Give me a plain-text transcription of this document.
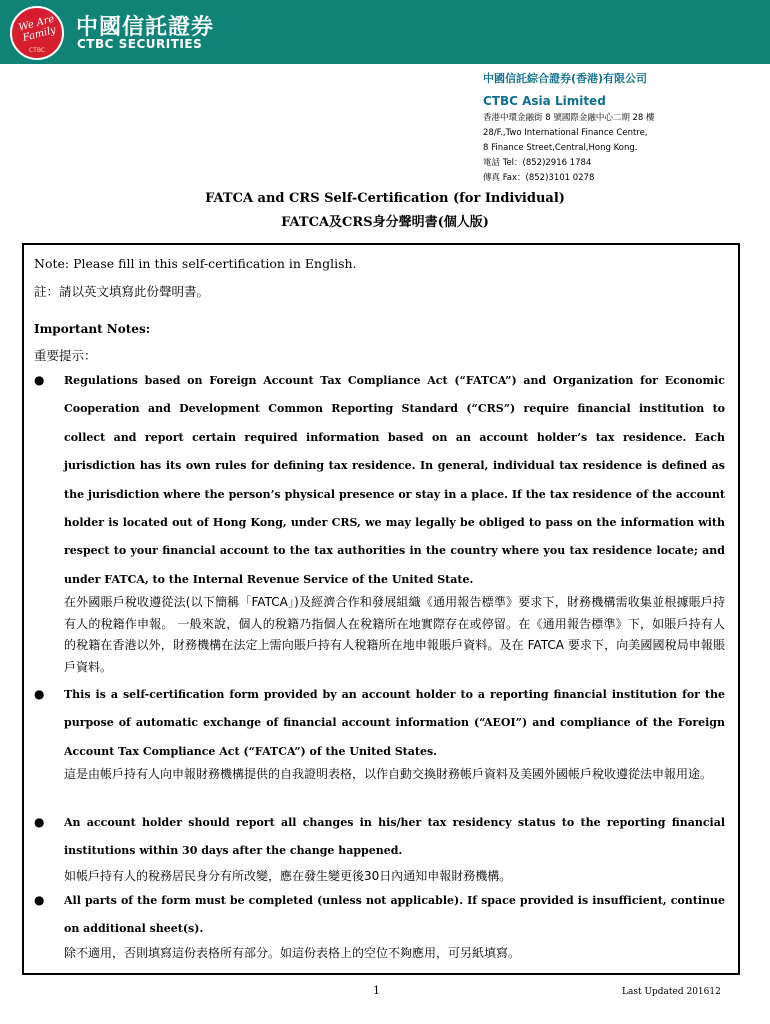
We Are Family
CTBC
中國信託證券
CTBC SECURITIES
中國信託綜合證券(香港)有限公司
CTBC Asia Limited
香港中環金融街 8 號國際金融中心二期 28 樓
28/F.,Two International Finance Centre,
8 Finance Street,Central,Hong Kong.
電話 Tel：(852)2916 1784
傳真 Fax：(852)3101 0278
FATCA and CRS Self-Certification (for Individual)
FATCA及CRS身分聲明書(個人版)
Note: Please fill in this self-certification in English.
註：請以英文填寫此份聲明書。
Important Notes:
重要提示：
● Regulations based on Foreign Account Tax Compliance Act (“FATCA”) and Organization for Economic Cooperation and Development Common Reporting Standard (“CRS”) require financial institution to collect and report certain required information based on an account holder’s tax residence. Each jurisdiction has its own rules for defining tax residence. In general, individual tax residence is defined as the jurisdiction where the person’s physical presence or stay in a place. If the tax residence of the account holder is located out of Hong Kong, under CRS, we may legally be obliged to pass on the information with respect to your financial account to the tax authorities in the country where you tax residence locate; and under FATCA, to the Internal Revenue Service of the United State.
在外國賬戶稅收遵從法(以下簡稱「FATCA」)及經濟合作和發展組織《通用報告標準》要求下，財務機構需收集並根據賬戶持有人的稅籍作申報。 一般來說，個人的稅籍乃指個人在稅籍所在地實際存在或停留。在《通用報告標準》下，如賬戶持有人的稅籍在香港以外，財務機構在法定上需向賬戶持有人稅籍所在地申報賬戶資料。及在 FATCA 要求下，向美國國稅局申報賬戶資料。
● This is a self-certification form provided by an account holder to a reporting financial institution for the purpose of automatic exchange of financial account information (“AEOI”) and compliance of the Foreign Account Tax Compliance Act (“FATCA”) of the United States.
這是由帳戶持有人向申報財務機構提供的自我證明表格，以作自動交換財務帳戶資料及美國外國帳戶稅收遵從法申報用途。
● An account holder should report all changes in his/her tax residency status to the reporting financial institutions within 30 days after the change happened.
如帳戶持有人的稅務居民身分有所改變，應在發生變更後30日內通知申報財務機構。
● All parts of the form must be completed (unless not applicable). If space provided is insufficient, continue on additional sheet(s).
除不適用，否則填寫這份表格所有部分。如這份表格上的空位不夠應用，可另紙填寫。
1	Last Updated 201612
